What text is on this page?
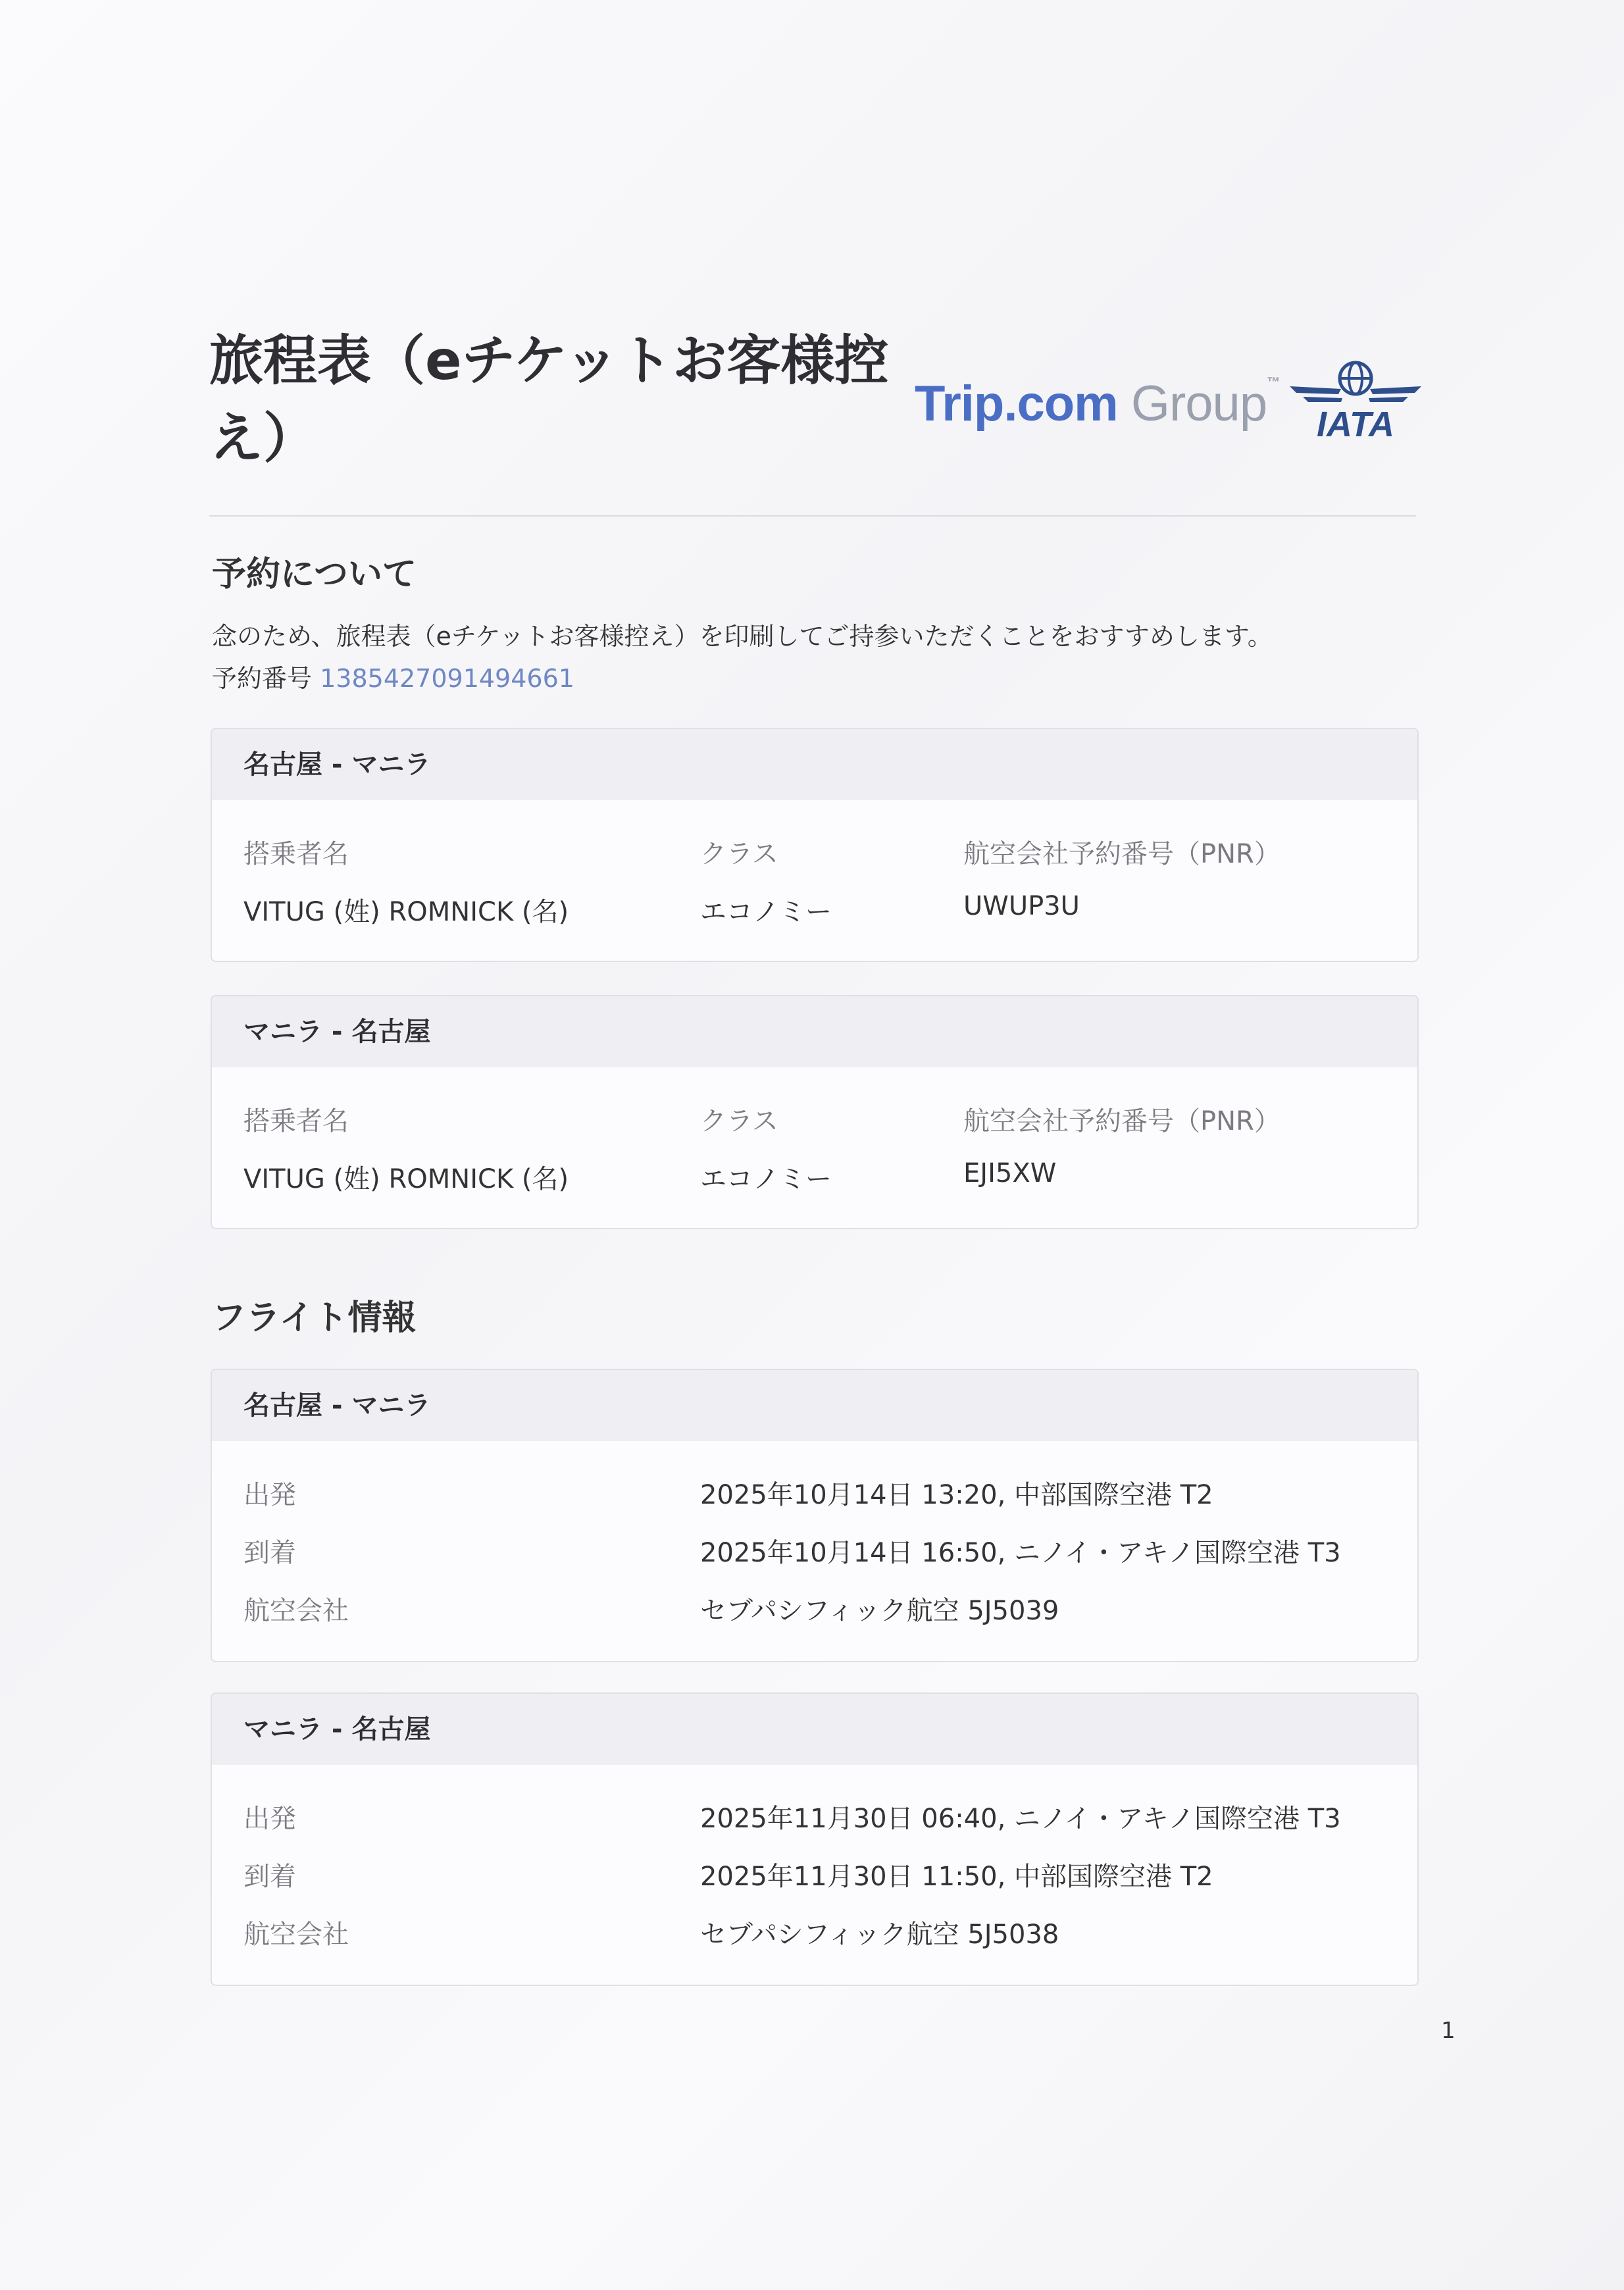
旅程表（eチケットお客様控え）
Trip.com Group™
IATA
予約について
念のため、旅程表（eチケットお客様控え）を印刷してご持参いただくことをおすすめします。
予約番号 1385427091494661
名古屋 - マニラ
搭乗者名	クラス	航空会社予約番号（PNR）
VITUG (姓) ROMNICK (名)	エコノミー	UWUP3U
マニラ - 名古屋
搭乗者名	クラス	航空会社予約番号（PNR）
VITUG (姓) ROMNICK (名)	エコノミー	EJI5XW
フライト情報
名古屋 - マニラ
出発	2025年10月14日 13:20, 中部国際空港 T2
到着	2025年10月14日 16:50, ニノイ・アキノ国際空港 T3
航空会社	セブパシフィック航空 5J5039
マニラ - 名古屋
出発	2025年11月30日 06:40, ニノイ・アキノ国際空港 T3
到着	2025年11月30日 11:50, 中部国際空港 T2
航空会社	セブパシフィック航空 5J5038
1
